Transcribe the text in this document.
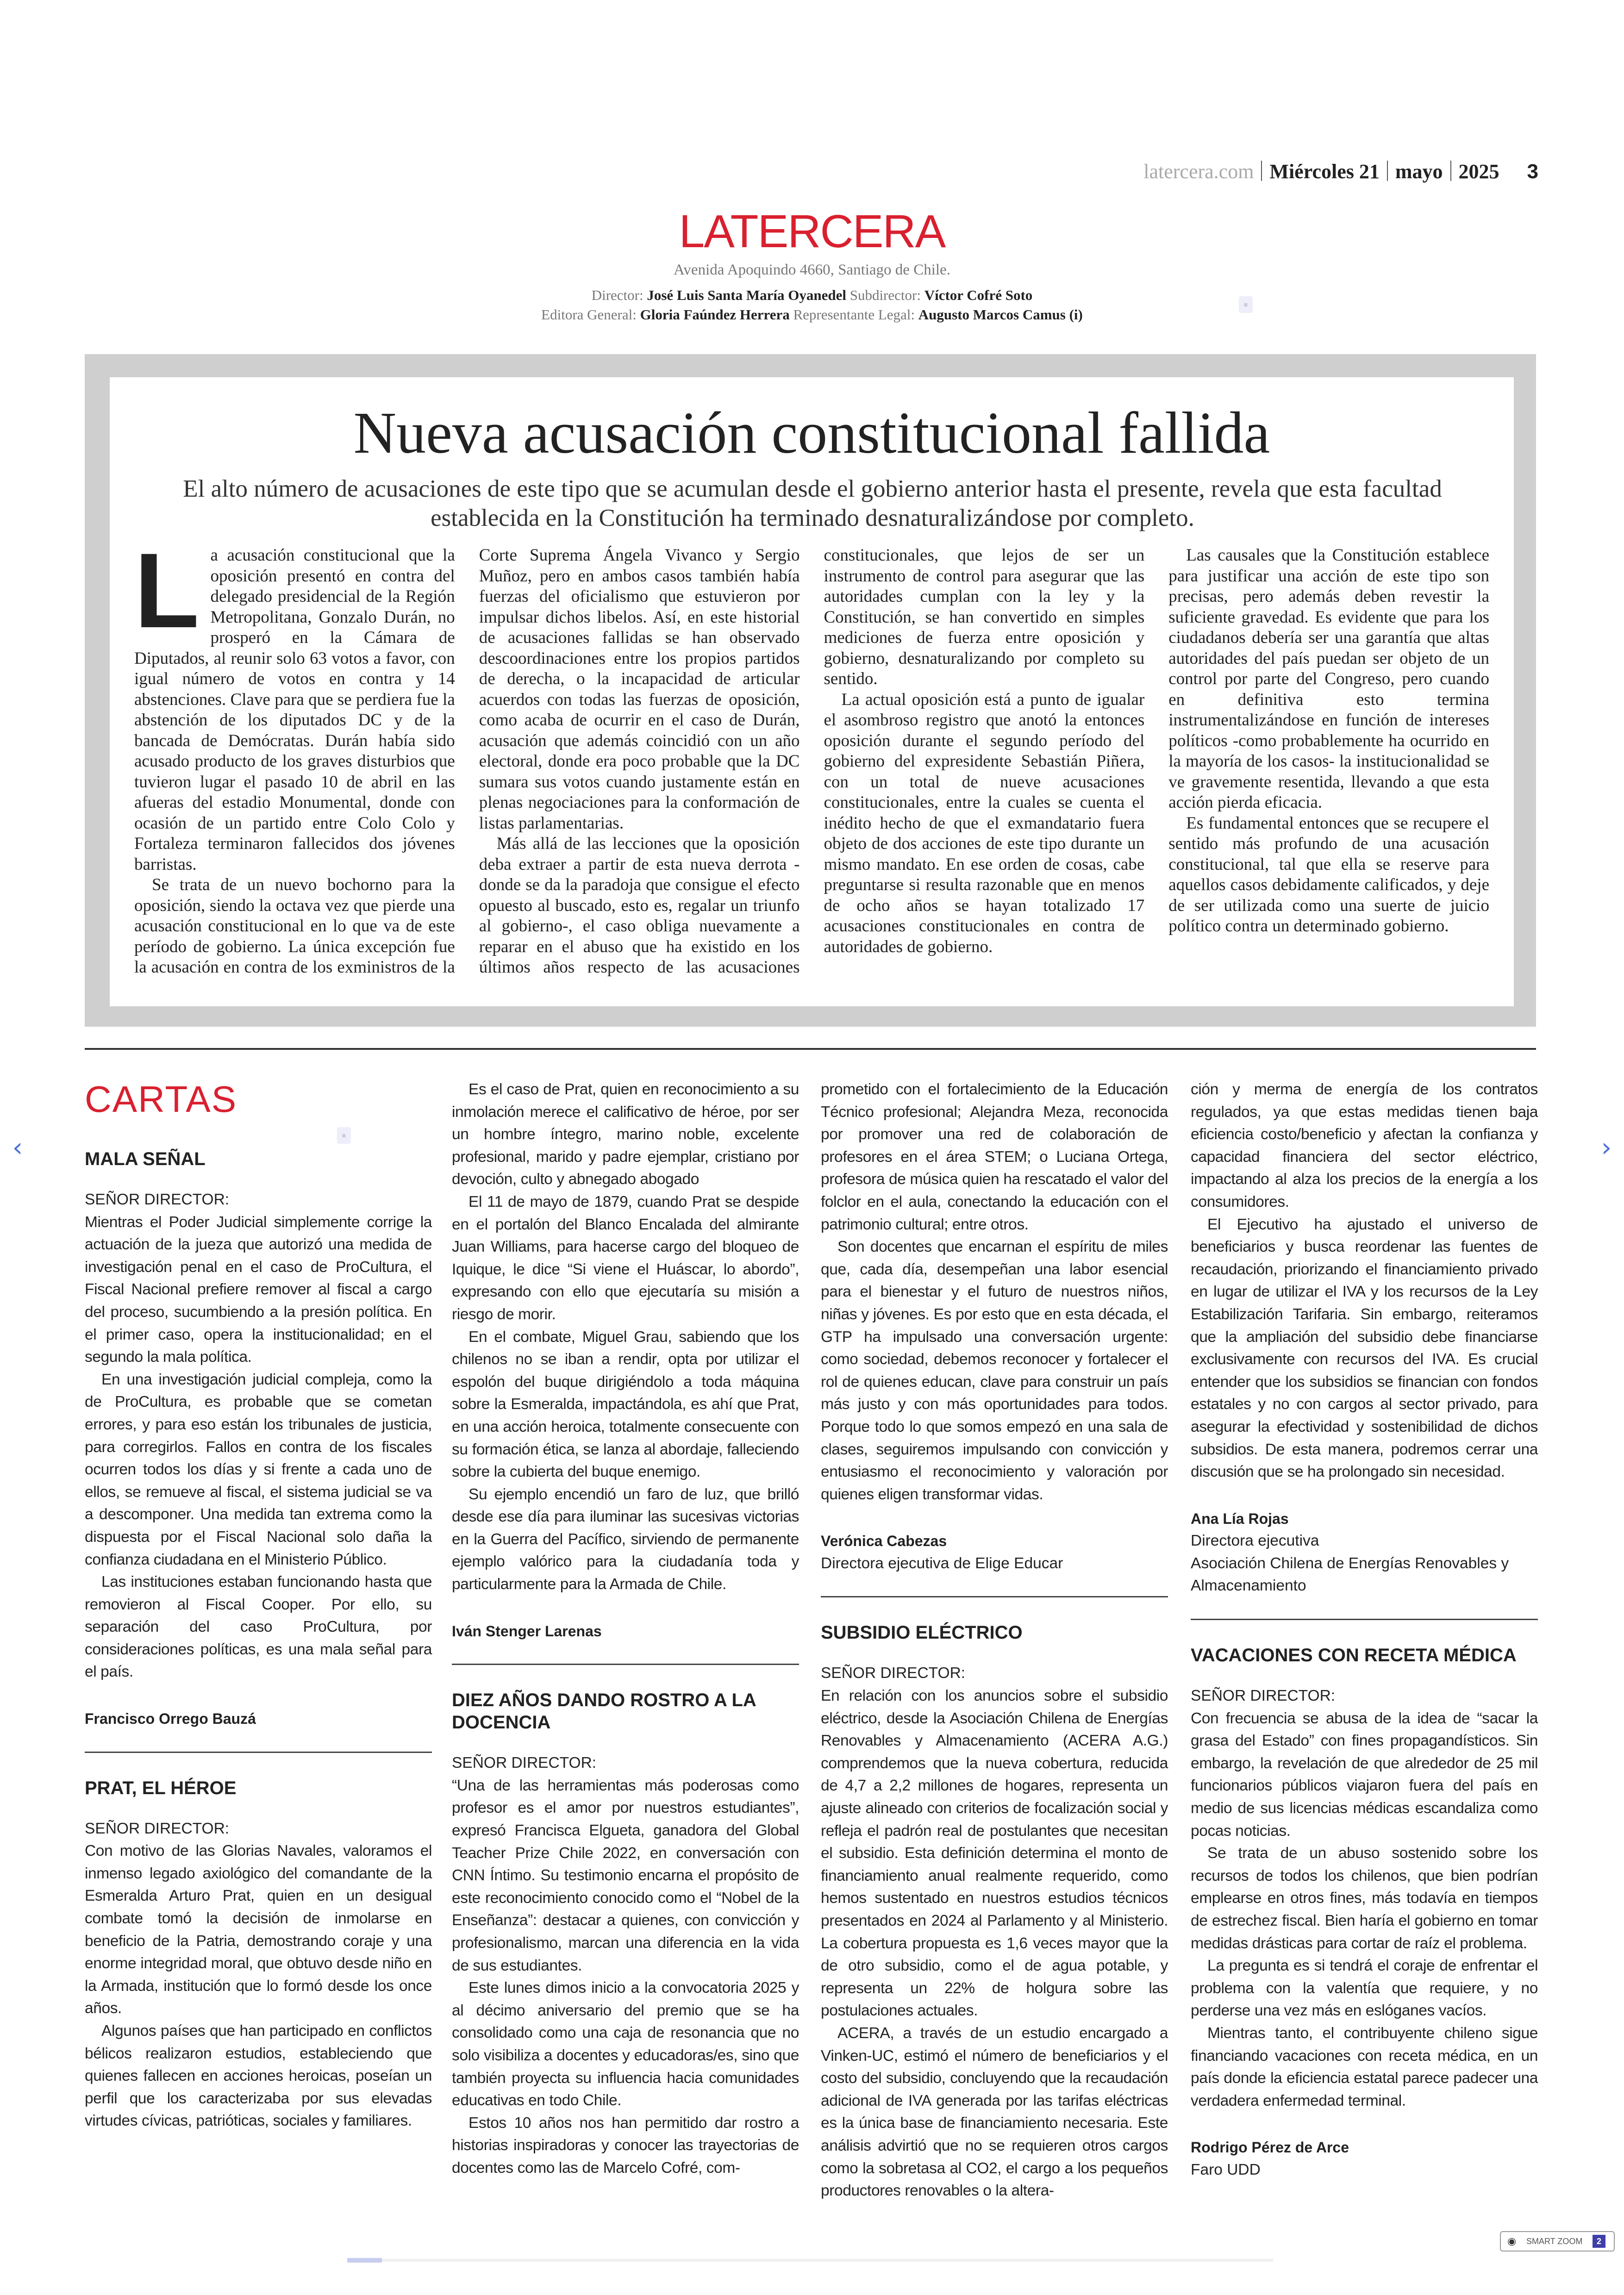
latercera.com Miércoles 21 mayo 2025 3
LATERCERA
Avenida Apoquindo 4660, Santiago de Chile.
Director: José Luis Santa María Oyanedel Subdirector: Víctor Cofré Soto
Editora General: Gloria Faúndez Herrera Representante Legal: Augusto Marcos Camus (i)
≡
Nueva acusación constitucional fallida
El alto número de acusaciones de este tipo que se acumulan desde el gobierno anterior hasta el presente, revela que esta facultad establecida en la Constitución ha terminado desnaturalizándose por completo.

La acusación constitucional que la oposición presentó en contra del delegado presidencial de la Región Metropolitana, Gonzalo Durán, no prosperó en la Cámara de Diputados, al reunir solo 63 votos a favor, con igual número de votos en contra y 14 abstenciones. Clave para que se perdiera fue la abstención de los diputados DC y de la bancada de Demócratas. Durán había sido acusado producto de los graves disturbios que tuvieron lugar el pasado 10 de abril en las afueras del estadio Monumental, donde con ocasión de un partido entre Colo Colo y Fortaleza terminaron fallecidos dos jóvenes barristas.

Se trata de un nuevo bochorno para la oposición, siendo la octava vez que pierde una acusación constitucional en lo que va de este período de gobierno. La única excepción fue la acusación en contra de los exministros de la Corte Suprema Ángela Vivanco y Sergio Muñoz, pero en ambos casos también había fuerzas del oficialismo que estuvieron por impulsar dichos libelos. Así, en este historial de acusaciones fallidas se han observado descoordinaciones entre los propios partidos de derecha, o la incapacidad de articular acuerdos con todas las fuerzas de oposición, como acaba de ocurrir en el caso de Durán, acusación que además coincidió con un año electoral, donde era poco probable que la DC sumara sus votos cuando justamente están en plenas negociaciones para la conformación de listas parlamentarias.

Más allá de las lecciones que la oposición deba extraer a partir de esta nueva derrota -donde se da la paradoja que consigue el efecto opuesto al buscado, esto es, regalar un triunfo al gobierno-, el caso obliga nuevamente a reparar en el abuso que ha existido en los últimos años respecto de las acusaciones constitucionales, que lejos de ser un instrumento de control para asegurar que las autoridades cumplan con la ley y la Constitución, se han convertido en simples mediciones de fuerza entre oposición y gobierno, desnaturalizando por completo su sentido.

La actual oposición está a punto de igualar el asombroso registro que anotó la entonces oposición durante el segundo período del gobierno del expresidente Sebastián Piñera, con un total de nueve acusaciones constitucionales, entre la cuales se cuenta el inédito hecho de que el exmandatario fuera objeto de dos acciones de este tipo durante un mismo mandato. En ese orden de cosas, cabe preguntarse si resulta razonable que en menos de ocho años se hayan totalizado 17 acusaciones constitucionales en contra de autoridades de gobierno.

Las causales que la Constitución establece para justificar una acción de este tipo son precisas, pero además deben revestir la suficiente gravedad. Es evidente que para los ciudadanos debería ser una garantía que altas autoridades del país puedan ser objeto de un control por parte del Congreso, pero cuando en definitiva esto termina instrumentalizándose en función de intereses políticos -como probablemente ha ocurrido en la mayoría de los casos- la institucionalidad se ve gravemente resentida, llevando a que esta acción pierda eficacia.

Es fundamental entonces que se recupere el sentido más profundo de una acusación constitucional, tal que ella se reserve para aquellos casos debidamente calificados, y deje de ser utilizada como una suerte de juicio político contra un determinado gobierno.

CARTAS
MALA SEÑAL
SEÑOR DIRECTOR:

Mientras el Poder Judicial simplemente corrige la actuación de la jueza que autorizó una medida de investigación penal en el caso de ProCultura, el Fiscal Nacional prefiere remover al fiscal a cargo del proceso, sucumbiendo a la presión política. En el primer caso, opera la institucionalidad; en el segundo la mala política.

En una investigación judicial compleja, como la de ProCultura, es probable que se cometan errores, y para eso están los tribunales de justicia, para corregirlos. Fallos en contra de los fiscales ocurren todos los días y si frente a cada uno de ellos, se remueve al fiscal, el sistema judicial se va a descomponer. Una medida tan extrema como la dispuesta por el Fiscal Nacional solo daña la confianza ciudadana en el Ministerio Público.

Las instituciones estaban funcionando hasta que removieron al Fiscal Cooper. Por ello, su separación del caso ProCultura, por consideraciones políticas, es una mala señal para el país.

Francisco Orrego Bauzá
PRAT, EL HÉROE
SEÑOR DIRECTOR:

Con motivo de las Glorias Navales, valoramos el inmenso legado axiológico del comandante de la Esmeralda Arturo Prat, quien en un desigual combate tomó la decisión de inmolarse en beneficio de la Patria, demostrando coraje y una enorme integridad moral, que obtuvo desde niño en la Armada, institución que lo formó desde los once años.

Algunos países que han participado en conflictos bélicos realizaron estudios, estableciendo que quienes fallecen en acciones heroicas, poseían un perfil que los caracterizaba por sus elevadas virtudes cívicas, patrióticas, sociales y familiares.

≡

Es el caso de Prat, quien en reconocimiento a su inmolación merece el calificativo de héroe, por ser un hombre íntegro, marino noble, excelente profesional, marido y padre ejemplar, cristiano por devoción, culto y abnegado abogado

El 11 de mayo de 1879, cuando Prat se despide en el portalón del Blanco Encalada del almirante Juan Williams, para hacerse cargo del bloqueo de Iquique, le dice “Si viene el Huáscar, lo abordo”, expresando con ello que ejecutaría su misión a riesgo de morir.

En el combate, Miguel Grau, sabiendo que los chilenos no se iban a rendir, opta por utilizar el espolón del buque dirigiéndolo a toda máquina sobre la Esmeralda, impactándola, es ahí que Prat, en una acción heroica, totalmente consecuente con su formación ética, se lanza al abordaje, falleciendo sobre la cubierta del buque enemigo.

Su ejemplo encendió un faro de luz, que brilló desde ese día para iluminar las sucesivas victorias en la Guerra del Pacífico, sirviendo de permanente ejemplo valórico para la ciudadanía toda y particularmente para la Armada de Chile.

Iván Stenger Larenas
DIEZ AÑOS DANDO ROSTRO A LA DOCENCIA
SEÑOR DIRECTOR:

“Una de las herramientas más poderosas como profesor es el amor por nuestros estudiantes”, expresó Francisca Elgueta, ganadora del Global Teacher Prize Chile 2022, en conversación con CNN Íntimo. Su testimonio encarna el propósito de este reconocimiento conocido como el “Nobel de la Enseñanza”: destacar a quienes, con convicción y profesionalismo, marcan una diferencia en la vida de sus estudiantes.

Este lunes dimos inicio a la convocatoria 2025 y al décimo aniversario del premio que se ha consolidado como una caja de resonancia que no solo visibiliza a docentes y educadoras/es, sino que también proyecta su influencia hacia comunidades educativas en todo Chile.

Estos 10 años nos han permitido dar rostro a historias inspiradoras y conocer las trayectorias de docentes como las de Marcelo Cofré, com-

prometido con el fortalecimiento de la Educación Técnico profesional; Alejandra Meza, reconocida por promover una red de colaboración de profesores en el área STEM; o Luciana Ortega, profesora de música quien ha rescatado el valor del folclor en el aula, conectando la educación con el patrimonio cultural; entre otros.

Son docentes que encarnan el espíritu de miles que, cada día, desempeñan una labor esencial para el bienestar y el futuro de nuestros niños, niñas y jóvenes. Es por esto que en esta década, el GTP ha impulsado una conversación urgente: como sociedad, debemos reconocer y fortalecer el rol de quienes educan, clave para construir un país más justo y con más oportunidades para todos. Porque todo lo que somos empezó en una sala de clases, seguiremos impulsando con convicción y entusiasmo el reconocimiento y valoración por quienes eligen transformar vidas.

Verónica Cabezas
Directora ejecutiva de Elige Educar
SUBSIDIO ELÉCTRICO
SEÑOR DIRECTOR:

En relación con los anuncios sobre el subsidio eléctrico, desde la Asociación Chilena de Energías Renovables y Almacenamiento (ACERA A.G.) comprendemos que la nueva cobertura, reducida de 4,7 a 2,2 millones de hogares, representa un ajuste alineado con criterios de focalización social y refleja el padrón real de postulantes que necesitan el subsidio. Esta definición determina el monto de financiamiento anual realmente requerido, como hemos sustentado en nuestros estudios técnicos presentados en 2024 al Parlamento y al Ministerio. La cobertura propuesta es 1,6 veces mayor que la de otro subsidio, como el de agua potable, y representa un 22% de holgura sobre las postulaciones actuales.

ACERA, a través de un estudio encargado a Vinken-UC, estimó el número de beneficiarios y el costo del subsidio, concluyendo que la recaudación adicional de IVA generada por las tarifas eléctricas es la única base de financiamiento necesaria. Este análisis advirtió que no se requieren otros cargos como la sobretasa al CO2, el cargo a los pequeños productores renovables o la altera-

ción y merma de energía de los contratos regulados, ya que estas medidas tienen baja eficiencia costo/beneficio y afectan la confianza y capacidad financiera del sector eléctrico, impactando al alza los precios de la energía a los consumidores.

El Ejecutivo ha ajustado el universo de beneficiarios y busca reordenar las fuentes de recaudación, priorizando el financiamiento privado en lugar de utilizar el IVA y los recursos de la Ley Estabilización Tarifaria. Sin embargo, reiteramos que la ampliación del subsidio debe financiarse exclusivamente con recursos del IVA. Es crucial entender que los subsidios se financian con fondos estatales y no con cargos al sector privado, para asegurar la efectividad y sostenibilidad de dichos subsidios. De esta manera, podremos cerrar una discusión que se ha prolongado sin necesidad.

Ana Lía Rojas
Directora ejecutiva
Asociación Chilena de Energías Renovables y Almacenamiento
VACACIONES CON RECETA MÉDICA
SEÑOR DIRECTOR:

Con frecuencia se abusa de la idea de “sacar la grasa del Estado” con fines propagandísticos. Sin embargo, la revelación de que alrededor de 25 mil funcionarios públicos viajaron fuera del país en medio de sus licencias médicas escandaliza como pocas noticias.

Se trata de un abuso sostenido sobre los recursos de todos los chilenos, que bien podrían emplearse en otros fines, más todavía en tiempos de estrechez fiscal. Bien haría el gobierno en tomar medidas drásticas para cortar de raíz el problema.

La pregunta es si tendrá el coraje de enfrentar el problema con la valentía que requiere, y no perderse una vez más en eslóganes vacíos.

Mientras tanto, el contribuyente chileno sigue financiando vacaciones con receta médica, en un país donde la eficiencia estatal parece padecer una verdadera enfermedad terminal.

Rodrigo Pérez de Arce
Faro UDD
‹	›
◉ SMART ZOOM	2
